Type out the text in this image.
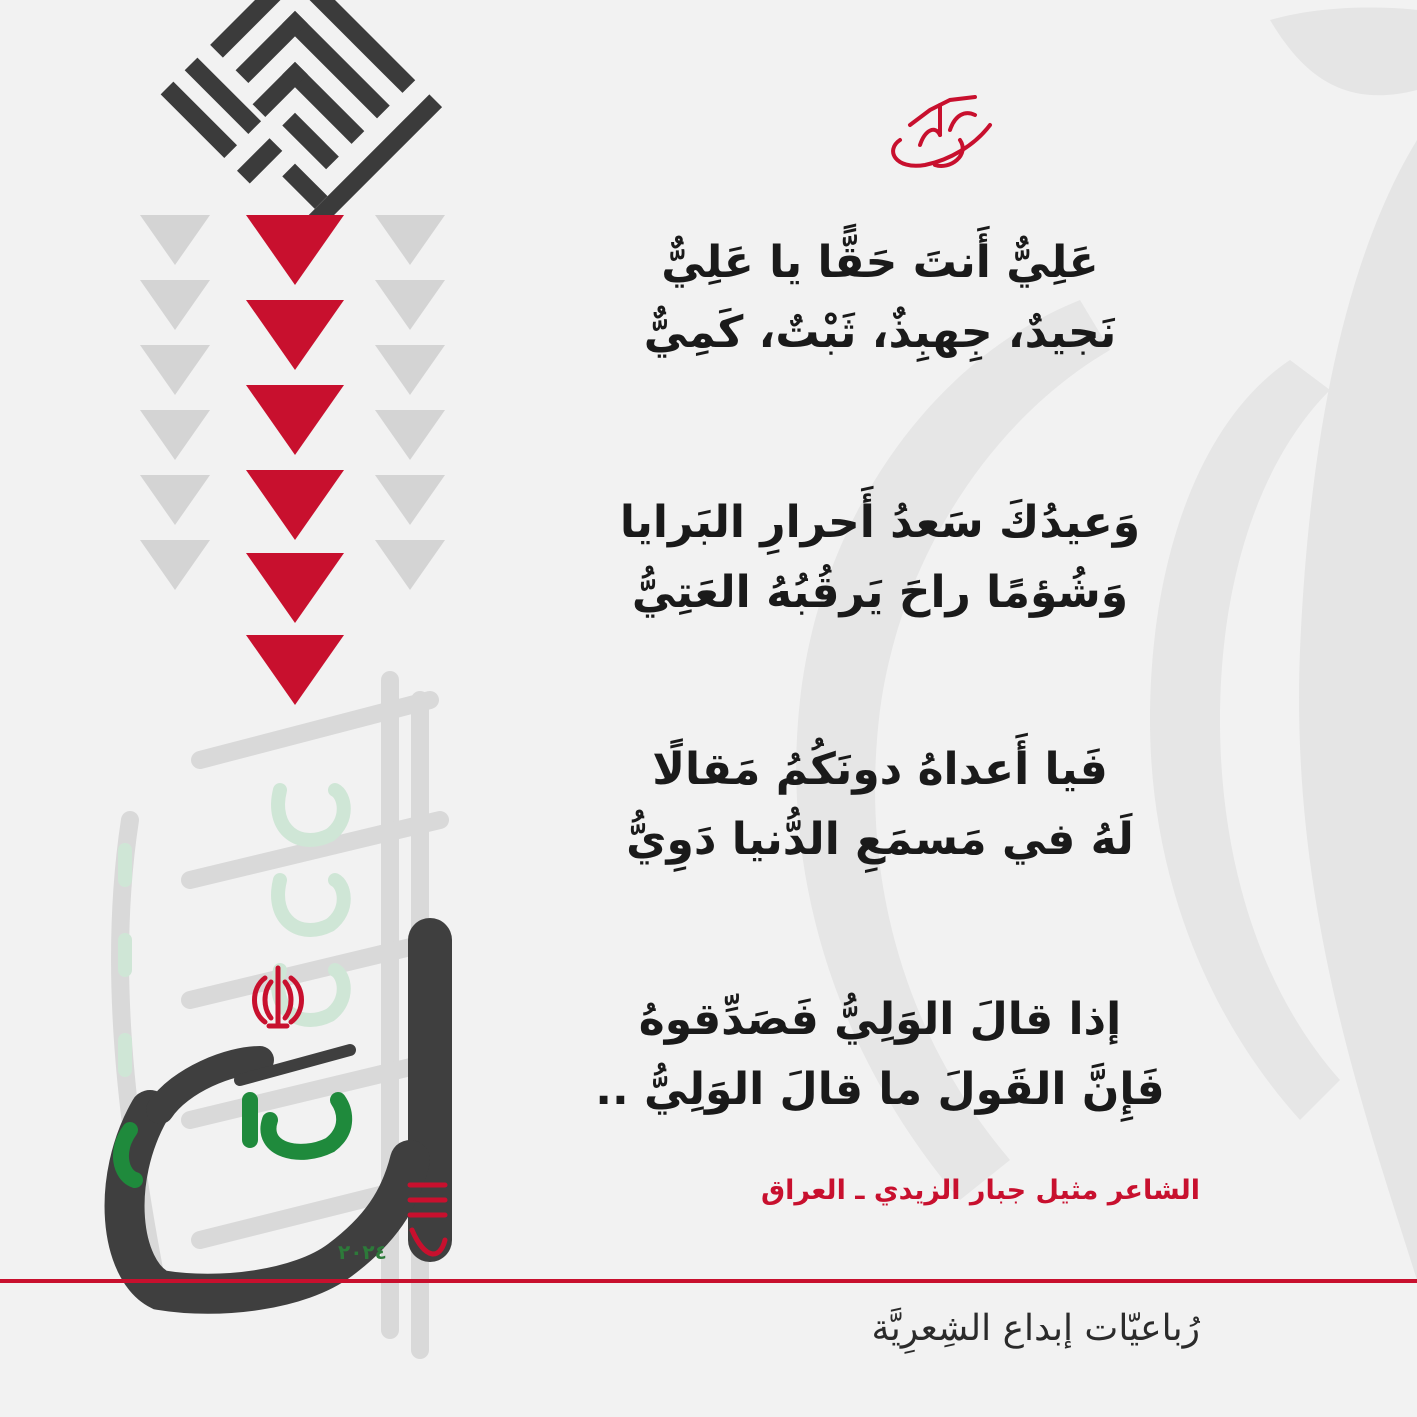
٢٠٢٤
عَلِيٌّ أَنتَ حَقًّا يا عَلِيٌّ
نَجيدٌ، جِهبِذٌ، ثَبْتٌ، كَمِيٌّ
وَعيدُكَ سَعدُ أَحرارِ البَرايا
وَشُؤمًا راحَ يَرقُبُهُ العَتِيُّ
فَيا أَعداهُ دونَكُمُ مَقالًا
لَهُ في مَسمَعِ الدُّنيا دَوِيُّ
إذا قالَ الوَلِيُّ فَصَدِّقوهُ
فَإِنَّ القَولَ ما قالَ الوَلِيُّ ..
الشاعر مثيل جبار الزيدي ـ العراق
رُباعيّات إبداع الشِعرِيَّة
